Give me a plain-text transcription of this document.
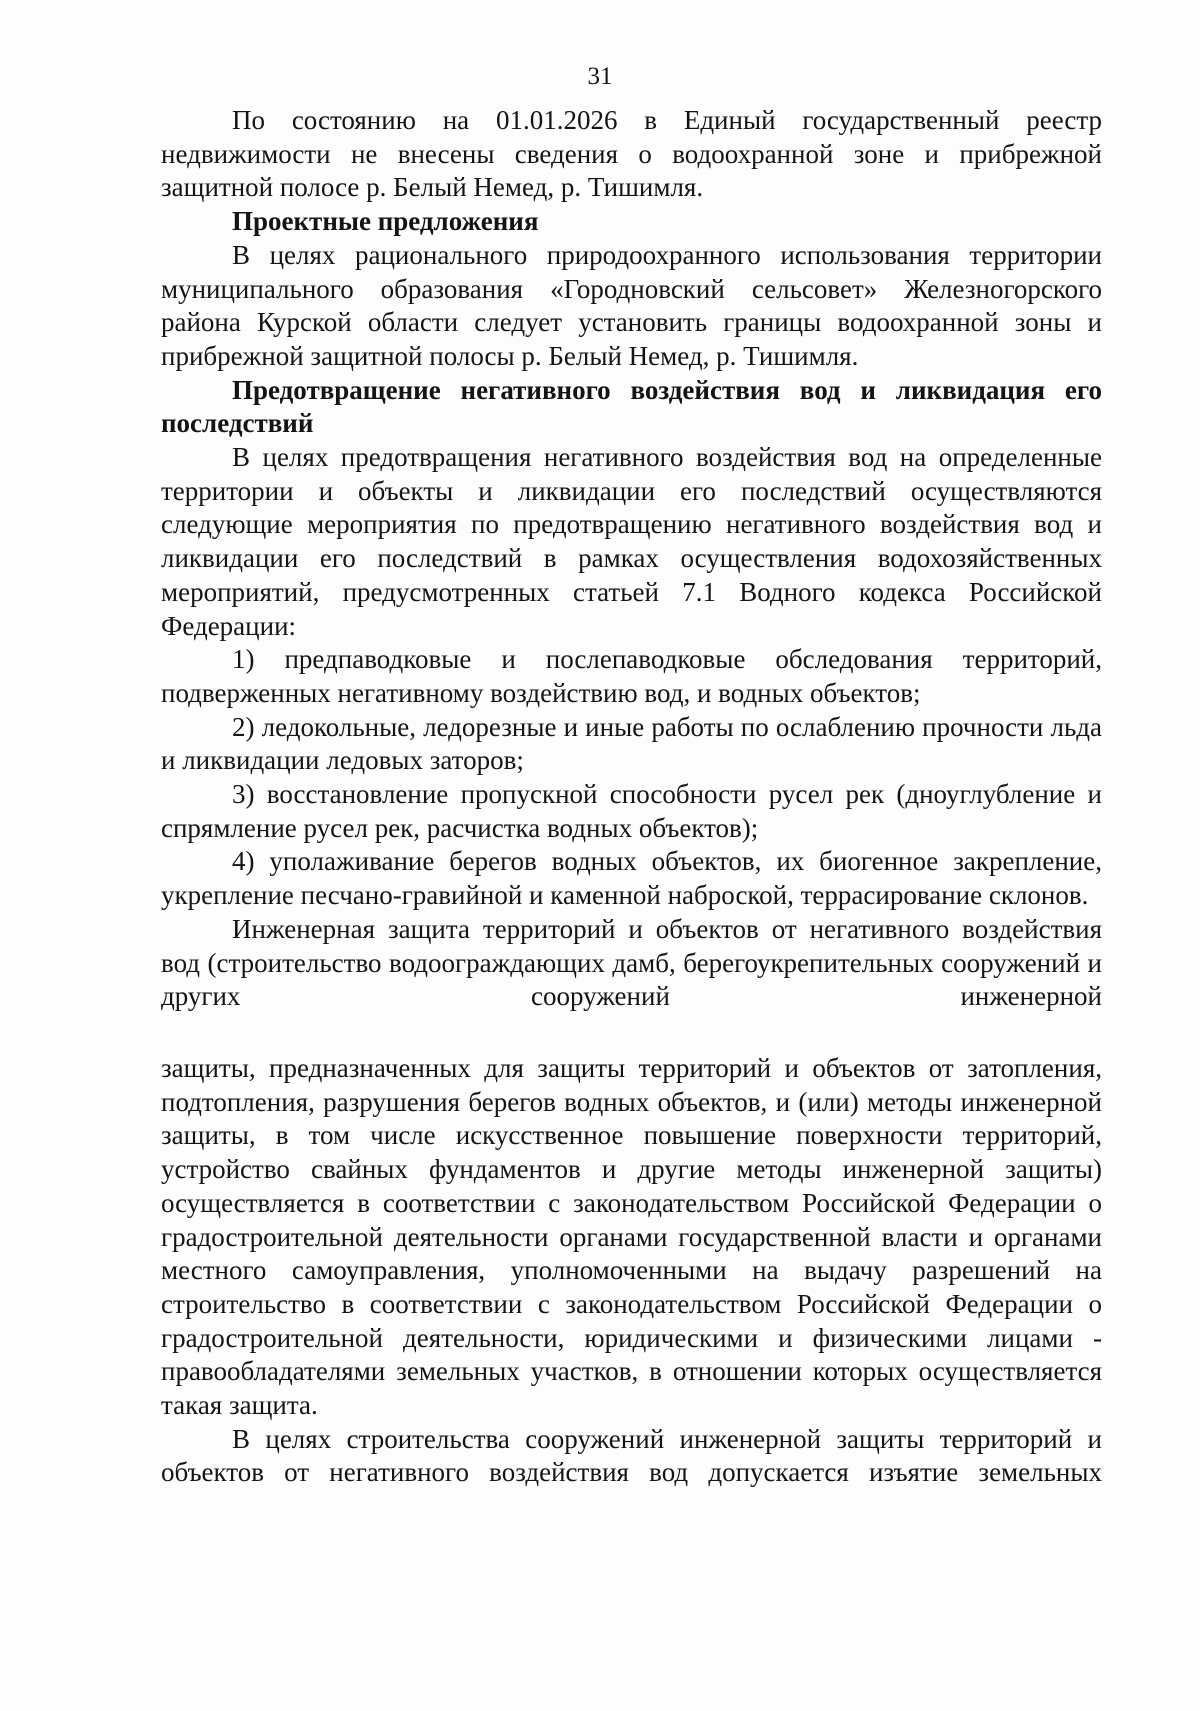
31

По состоянию на 01.01.2026 в Единый государственный реестр недвижимости не внесены сведения о водоохранной зоне и прибрежной защитной полосе р. Белый Немед, р. Тишимля.

Проектные предложения

В целях рационального природоохранного использования территории муниципального образования «Городновский сельсовет» Железногорского района Курской области следует установить границы водоохранной зоны и прибрежной защитной полосы р. Белый Немед, р. Тишимля.

Предотвращение негативного воздействия вод и ликвидация его последствий

В целях предотвращения негативного воздействия вод на определенные территории и объекты и ликвидации его последствий осуществляются следующие мероприятия по предотвращению негативного воздействия вод и ликвидации его последствий в рамках осуществления водохозяйственных мероприятий, предусмотренных статьей 7.1 Водного кодекса Российской Федерации:

1) предпаводковые и послепаводковые обследования территорий, подверженных негативному воздействию вод, и водных объектов;

2) ледокольные, ледорезные и иные работы по ослаблению прочности льда и ликвидации ледовых заторов;

3) восстановление пропускной способности русел рек (дноуглубление и спрямление русел рек, расчистка водных объектов);

4) уполаживание берегов водных объектов, их биогенное закрепление, укрепление песчано-гравийной и каменной наброской, террасирование склонов.

Инженерная защита территорий и объектов от негативного воздействия вод (строительство водоограждающих дамб, берегоукрепительных сооружений и других сооружений инженерной

защиты, предназначенных для защиты территорий и объектов от затопления, подтопления, разрушения берегов водных объектов, и (или) методы инженерной защиты, в том числе искусственное повышение поверхности территорий, устройство свайных фундаментов и другие методы инженерной защиты) осуществляется в соответствии с законодательством Российской Федерации о градостроительной деятельности органами государственной власти и органами местного самоуправления, уполномоченными на выдачу разрешений на строительство в соответствии с законодательством Российской Федерации о градостроительной деятельности, юридическими и физическими лицами - правообладателями земельных участков, в отношении которых осуществляется такая защита.

В целях строительства сооружений инженерной защиты территорий и объектов от негативного воздействия вод допускается изъятие земельных
